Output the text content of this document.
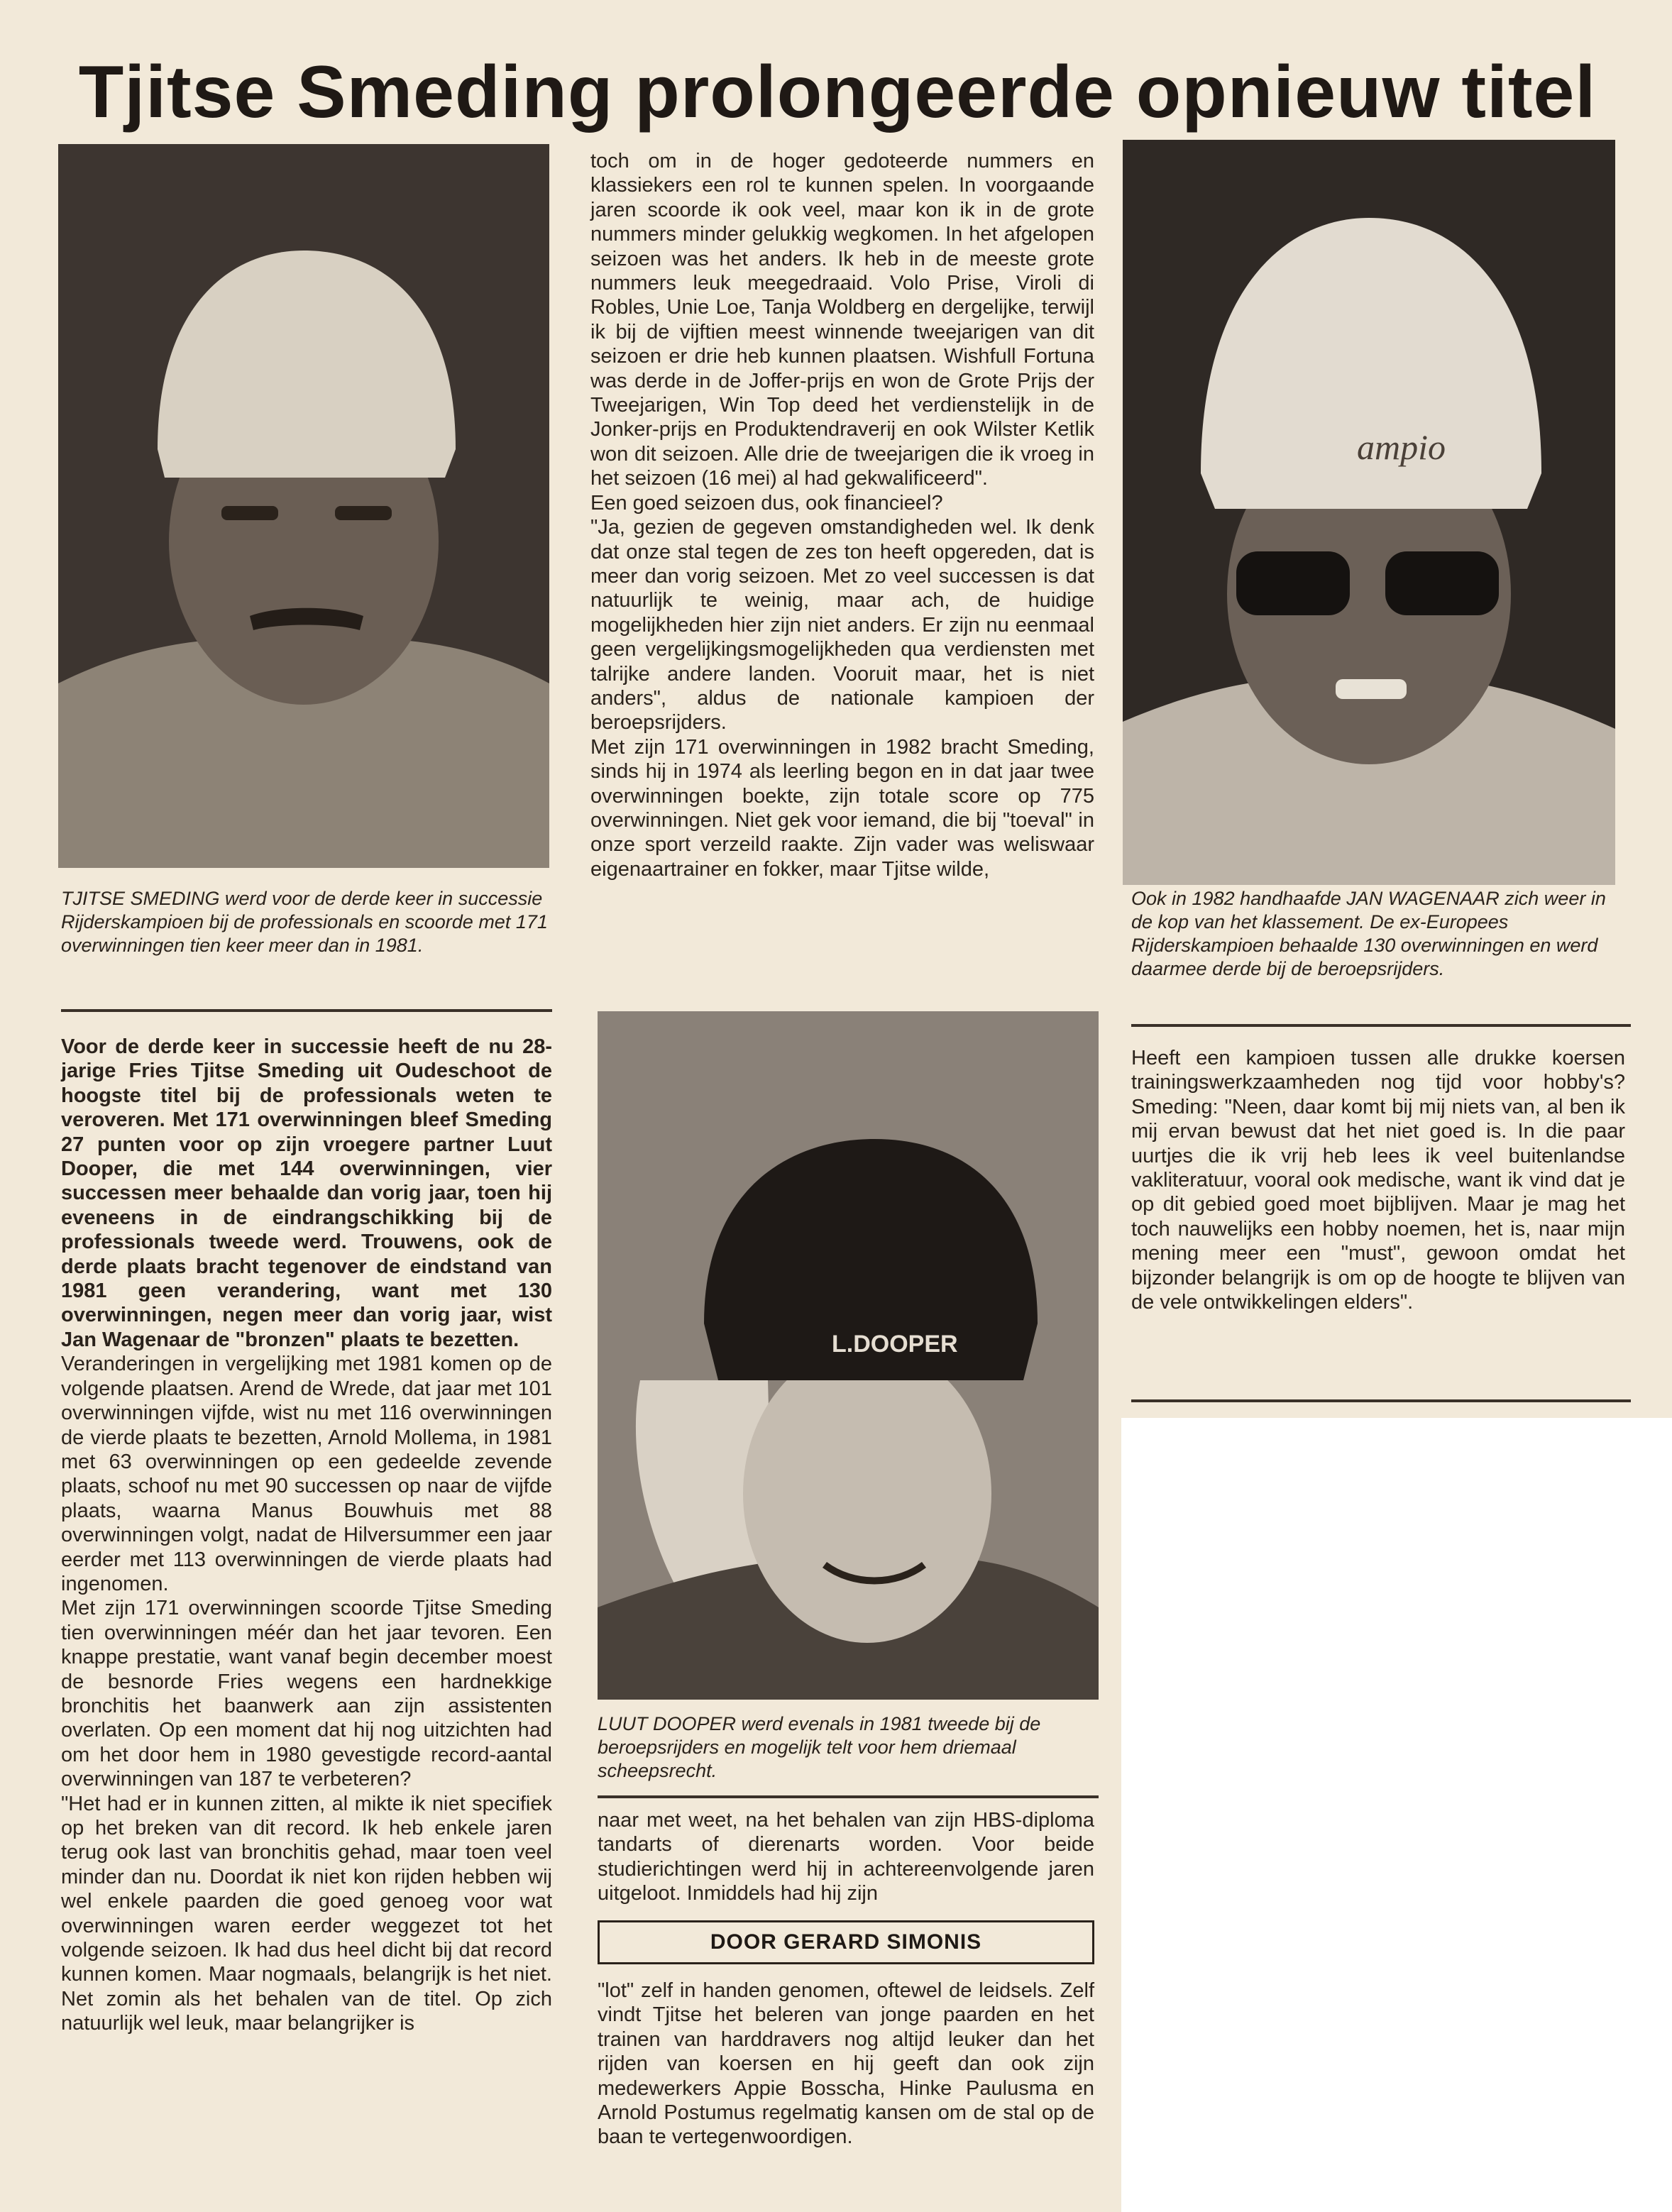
Tjitse Smeding prolongeerde opnieuw titel
ampio

toch om in de hoger gedoteerde nummers en klassiekers een rol te kunnen spelen. In voorgaande jaren scoorde ik ook veel, maar kon ik in de grote nummers minder gelukkig wegkomen. In het afgelopen seizoen was het anders. Ik heb in de meeste grote nummers leuk meegedraaid. Volo Prise, Viroli di Robles, Unie Loe, Tanja Woldberg en dergelijke, terwijl ik bij de vijftien meest winnende tweejarigen van dit seizoen er drie heb kunnen plaatsen. Wishfull Fortuna was derde in de Joffer-prijs en won de Grote Prijs der Tweejarigen, Win Top deed het verdienstelijk in de Jonker-prijs en Produktendraverij en ook Wilster Ketlik won dit seizoen. Alle drie de tweejarigen die ik vroeg in het seizoen (16 mei) al had gekwalificeerd".

Een goed seizoen dus, ook financieel?

"Ja, gezien de gegeven omstandigheden wel. Ik denk dat onze stal tegen de zes ton heeft opgereden, dat is meer dan vorig seizoen. Met zo veel successen is dat natuurlijk te weinig, maar ach, de huidige mogelijkheden hier zijn niet anders. Er zijn nu eenmaal geen vergelijkingsmogelijkheden qua verdiensten met talrijke andere landen. Vooruit maar, het is niet anders", aldus de nationale kampioen der beroepsrijders.

Met zijn 171 overwinningen in 1982 bracht Smeding, sinds hij in 1974 als leerling begon en in dat jaar twee overwinningen boekte, zijn totale score op 775 overwinningen. Niet gek voor iemand, die bij "toeval" in onze sport verzeild raakte. Zijn vader was weliswaar eigenaartrainer en fokker, maar Tjitse wilde,

TJITSE SMEDING werd voor de derde keer in successie Rijderskampioen bij de professionals en scoorde met 171 overwinningen tien keer meer dan in 1981.
Ook in 1982 handhaafde JAN WAGENAAR zich weer in de kop van het klassement. De ex-Europees Rijderskampioen behaalde 130 overwinningen en werd daarmee derde bij de beroepsrijders.

Voor de derde keer in successie heeft de nu 28-jarige Fries Tjitse Smeding uit Oudeschoot de hoogste titel bij de professionals weten te veroveren. Met 171 overwinningen bleef Smeding 27 punten voor op zijn vroegere partner Luut Dooper, die met 144 overwinningen, vier successen meer behaalde dan vorig jaar, toen hij eveneens in de eindrangschikking bij de professionals tweede werd. Trouwens, ook de derde plaats bracht tegenover de eindstand van 1981 geen verandering, want met 130 overwinningen, negen meer dan vorig jaar, wist Jan Wagenaar de "bronzen" plaats te bezetten.

Veranderingen in vergelijking met 1981 komen op de volgende plaatsen. Arend de Wrede, dat jaar met 101 overwinningen vijfde, wist nu met 116 overwinningen de vierde plaats te bezetten, Arnold Mollema, in 1981 met 63 overwinningen op een gedeelde zevende plaats, schoof nu met 90 successen op naar de vijfde plaats, waarna Manus Bouwhuis met 88 overwinningen volgt, nadat de Hilversummer een jaar eerder met 113 overwinningen de vierde plaats had ingenomen.

Met zijn 171 overwinningen scoorde Tjitse Smeding tien overwinningen méér dan het jaar tevoren. Een knappe prestatie, want vanaf begin december moest de besnorde Fries wegens een hardnekkige bronchitis het baanwerk aan zijn assistenten overlaten. Op een moment dat hij nog uitzichten had om het door hem in 1980 gevestigde record-aantal overwinningen van 187 te verbeteren?

"Het had er in kunnen zitten, al mikte ik niet specifiek op het breken van dit record. Ik heb enkele jaren terug ook last van bronchitis gehad, maar toen veel minder dan nu. Doordat ik niet kon rijden hebben wij wel enkele paarden die goed genoeg voor wat overwinningen waren eerder weggezet tot het volgende seizoen. Ik had dus heel dicht bij dat record kunnen komen. Maar nogmaals, belangrijk is het niet. Net zomin als het behalen van de titel. Op zich natuurlijk wel leuk, maar belangrijker is

L.DOOPER
LUUT DOOPER werd evenals in 1981 tweede bij de beroepsrijders en mogelijk telt voor hem driemaal scheepsrecht.

naar met weet, na het behalen van zijn HBS-diploma tandarts of dierenarts worden. Voor beide studierichtingen werd hij in achtereenvolgende jaren uitgeloot. Inmiddels had hij zijn

DOOR GERARD SIMONIS

"lot" zelf in handen genomen, oftewel de leidsels. Zelf vindt Tjitse het beleren van jonge paarden en het trainen van harddravers nog altijd leuker dan het rijden van koersen en hij geeft dan ook zijn medewerkers Appie Bosscha, Hinke Paulusma en Arnold Postumus regelmatig kansen om de stal op de baan te vertegenwoordigen.

Heeft een kampioen tussen alle drukke koersen trainingswerkzaamheden nog tijd voor hobby's? Smeding: "Neen, daar komt bij mij niets van, al ben ik mij ervan bewust dat het niet goed is. In die paar uurtjes die ik vrij heb lees ik veel buitenlandse vakliteratuur, vooral ook medische, want ik vind dat je op dit gebied goed moet bijblijven. Maar je mag het toch nauwelijks een hobby noemen, het is, naar mijn mening meer een "must", gewoon omdat het bijzonder belangrijk is om op de hoogte te blijven van de vele ontwikkelingen elders".
